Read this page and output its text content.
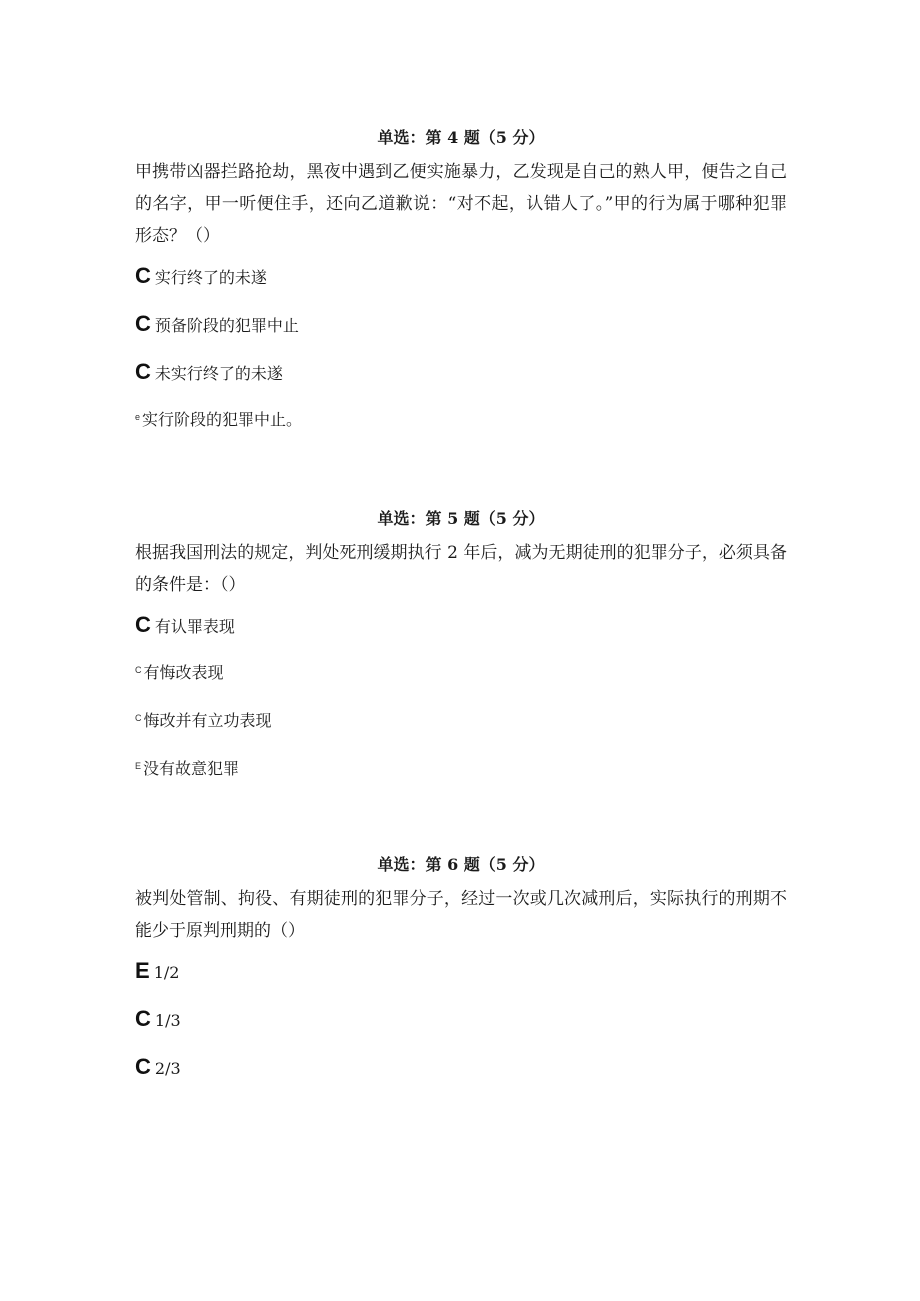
单选：第 4 题（5 分）

甲携带凶器拦路抢劫，黑夜中遇到乙便实施暴力，乙发现是自己的熟人甲，便告之自己的名字，甲一听便住手，还向乙道歉说：“对不起，认错人了。”甲的行为属于哪种犯罪形态？（）

C 实行终了的未遂
C 预备阶段的犯罪中止
C 未实行终了的未遂
e 实行阶段的犯罪中止。
单选：第 5 题（5 分）

根据我国刑法的规定，判处死刑缓期执行 2 年后，减为无期徒刑的犯罪分子，必须具备的条件是：（）

C 有认罪表现
C 有悔改表现
C 悔改并有立功表现
E 没有故意犯罪
单选：第 6 题（5 分）

被判处管制、拘役、有期徒刑的犯罪分子，经过一次或几次减刑后，实际执行的刑期不能少于原判刑期的（）

E 1/2
C 1/3
C 2/3
